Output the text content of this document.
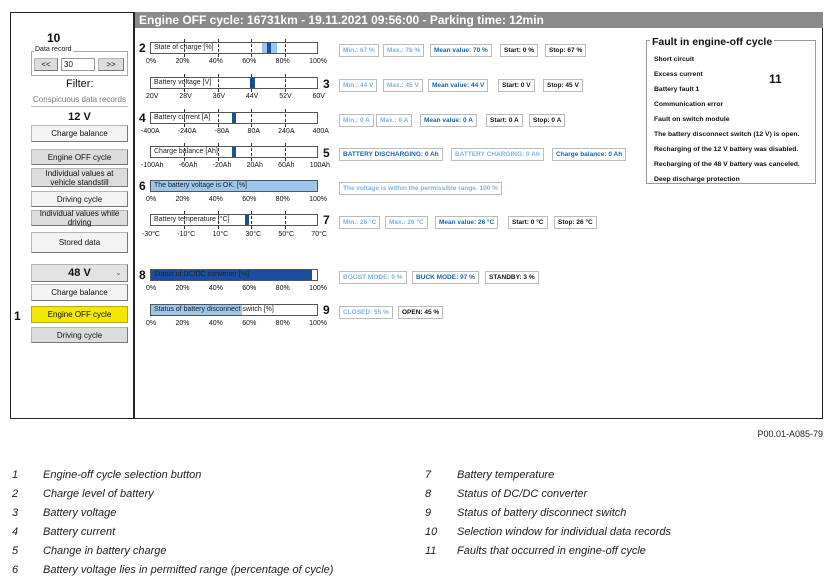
Engine OFF cycle: 16731km - 19.11.2021 09:56:00 - Parking time: 12min
10
Data record
<<	30	>>
Filter:
Conspicuous data records
12 V
Charge balance
Engine OFF cycle
Individual values at vehicle standstill
Driving cycle
Individual values while driving
Stored data
48 V	⌄
Charge balance
1	Engine OFF cycle
Driving cycle
2 State of charge [%]
0%	20%	40%	60%	80%	100%
Min.: 67 %	Max.: 76 %	Mean value: 70 %	Start: 0 %	Stop: 67 %
Battery voltage [V]	3
20V	28V	36V	44V	52V	60V
Min.: 44 V	Max.: 45 V	Mean value: 44 V	Start: 0 V	Stop: 45 V
4 Battery current [A]
-400A	-240A	-80A	80A	240A	400A
Min.: 0 A	Max.: 0 A	Mean value: 0 A	Start: 0 A	Stop: 0 A
Charge balance [Ah]	5
-100Ah -60Ah -20Ah 20Ah 60Ah 100Ah
BATTERY DISCHARGING: 0 Ah	BATTERY CHARGING: 0 Ah	Charge balance: 0 Ah
6 The battery voltage is OK. [%]
0%	20%	40%	60%	80%	100%
The voltage is within the permissible range. 100 %
Battery temperature [°C]	7
-30°C -10°C 10°C 30°C 50°C 70°C
Min.: 26 °C	Max.: 26 °C	Mean value: 26 °C	Start: 0 °C	Stop: 26 °C
8 Status of DC/DC converter [%]
0%	20%	40%	60%	80%	100%
BOOST MODE: 0 %	BUCK MODE: 97 %	STANDBY: 3 %
Status of battery disconnect switch [%]	9
0%	20%	40%	60%	80%	100%
CLOSED: 55 %	OPEN: 45 %
Fault in engine-off cycle
11
Short circuit
Excess current
Battery fault 1
Communication error
Fault on switch module
The battery disconnect switch (12 V) is open.
Recharging of the 12 V battery was disabled.
Recharging of the 48 V battery was canceled.
Deep discharge protection
P00.01-A085-79
1 Engine-off cycle selection button
2 Charge level of battery
3 Battery voltage
4 Battery current
5 Change in battery charge
6 Battery voltage lies in permitted range (percentage of cycle)
7 Battery temperature
8 Status of DC/DC converter
9 Status of battery disconnect switch
10 Selection window for individual data records
11 Faults that occurred in engine-off cycle
